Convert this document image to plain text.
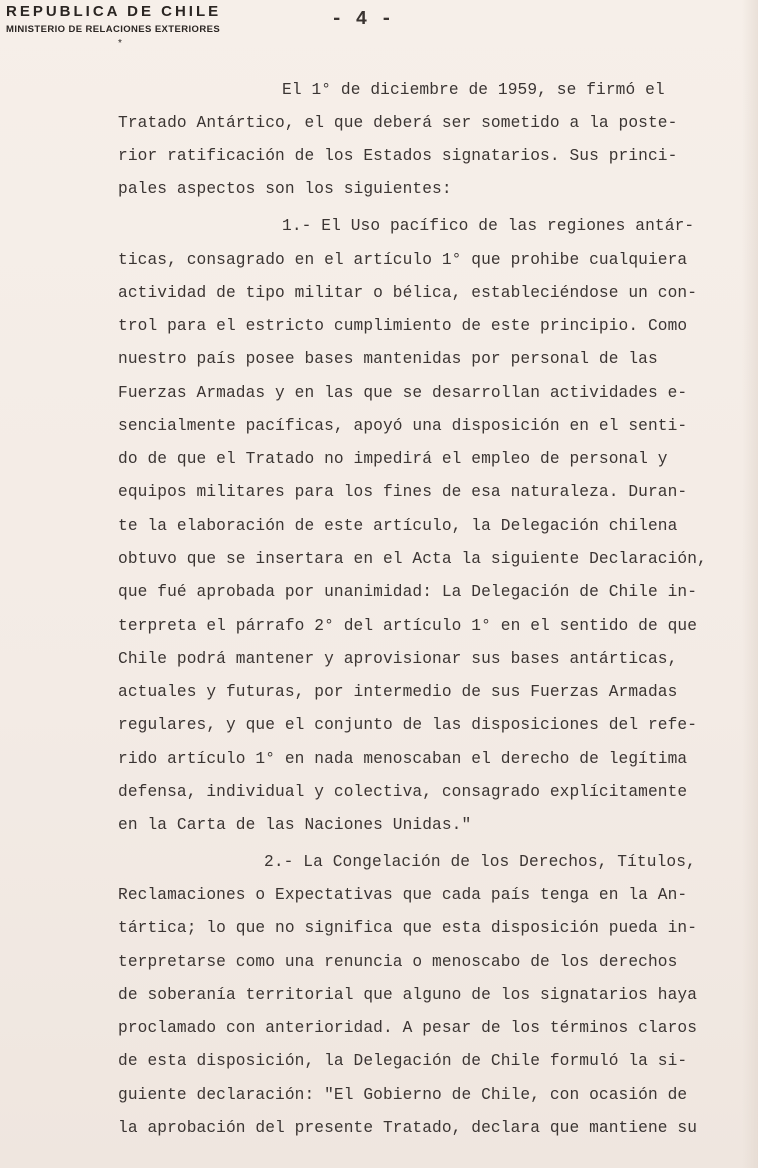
REPUBLICA DE CHILE
MINISTERIO DE RELACIONES EXTERIORES
*
- 4 -
El 1° de diciembre de 1959, se firmó el
Tratado Antártico, el que deberá ser sometido a la poste-
rior ratificación de los Estados signatarios. Sus princi-
pales aspectos son los siguientes:
1.- El Uso pacífico de las regiones antár-
ticas, consagrado en el artículo 1° que prohibe cualquiera
actividad de tipo militar o bélica, estableciéndose un con-
trol para el estricto cumplimiento de este principio. Como
nuestro país posee bases mantenidas por personal de las
Fuerzas Armadas y en las que se desarrollan actividades e-
sencialmente pacíficas, apoyó una disposición en el senti-
do de que el Tratado no impedirá el empleo de personal y
equipos militares para los fines de esa naturaleza. Duran-
te la elaboración de este artículo, la Delegación chilena
obtuvo que se insertara en el Acta la siguiente Declaración,
que fué aprobada por unanimidad: La Delegación de Chile in-
terpreta el párrafo 2° del artículo 1° en el sentido de que
Chile podrá mantener y aprovisionar sus bases antárticas,
actuales y futuras, por intermedio de sus Fuerzas Armadas
regulares, y que el conjunto de las disposiciones del refe-
rido artículo 1° en nada menoscaban el derecho de legítima
defensa, individual y colectiva, consagrado explícitamente
en la Carta de las Naciones Unidas."
2.- La Congelación de los Derechos, Títulos,
Reclamaciones o Expectativas que cada país tenga en la An-
tártica; lo que no significa que esta disposición pueda in-
terpretarse como una renuncia o menoscabo de los derechos
de soberanía territorial que alguno de los signatarios haya
proclamado con anterioridad. A pesar de los términos claros
de esta disposición, la Delegación de Chile formuló la si-
guiente declaración: "El Gobierno de Chile, con ocasión de
la aprobación del presente Tratado, declara que mantiene su
